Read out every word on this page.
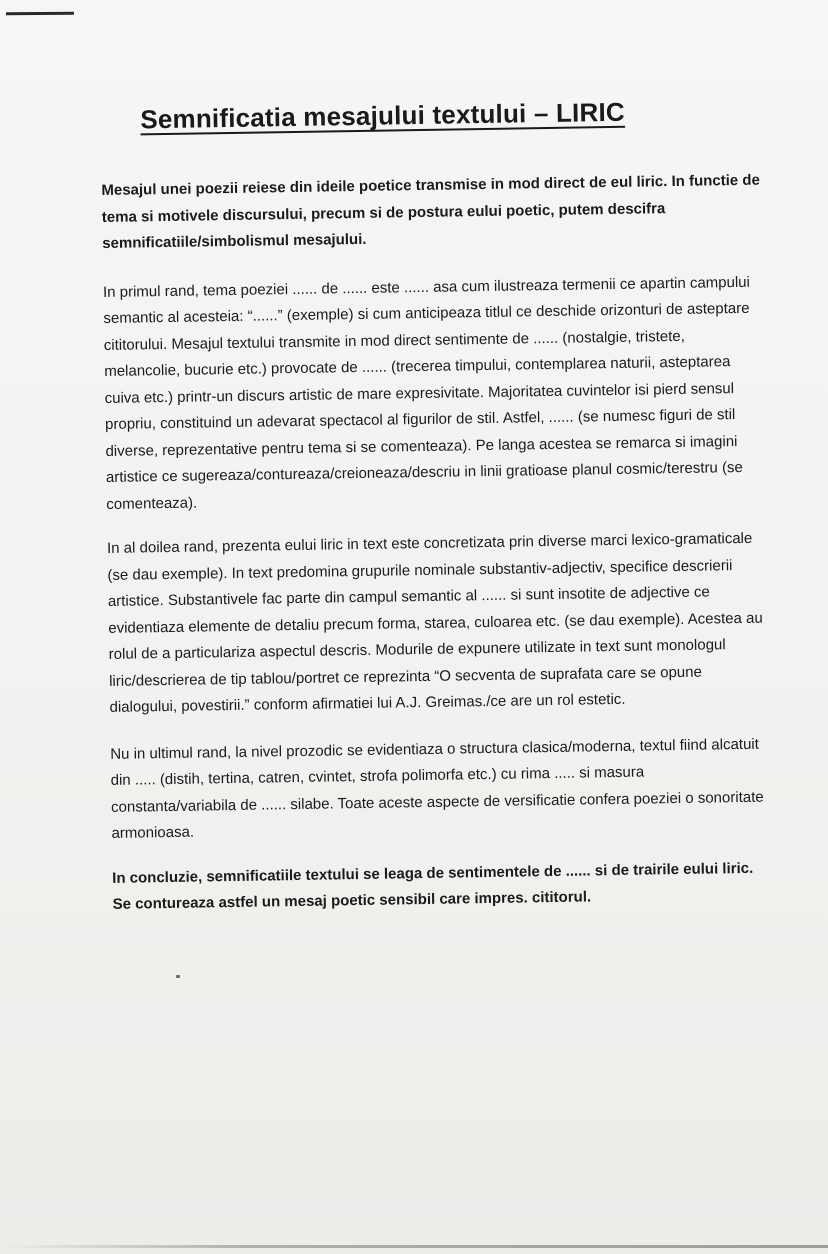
Semnificatia mesajului textului – LIRIC

Mesajul unei poezii reiese din ideile poetice transmise in mod direct de eul liric. In functie de tema si motivele discursului, precum si de postura eului poetic, putem descifra semnificatiile/simbolismul mesajului.

In primul rand, tema poeziei ...... de ...... este ...... asa cum ilustreaza termenii ce apartin campului semantic al acesteia: “......” (exemple) si cum anticipeaza titlul ce deschide orizonturi de asteptare cititorului. Mesajul textului transmite in mod direct sentimente de ...... (nostalgie, tristete, melancolie, bucurie etc.) provocate de ...... (trecerea timpului, contemplarea naturii, asteptarea cuiva etc.) printr-un discurs artistic de mare expresivitate. Majoritatea cuvintelor isi pierd sensul propriu, constituind un adevarat spectacol al figurilor de stil. Astfel, ...... (se numesc figuri de stil diverse, reprezentative pentru tema si se comenteaza). Pe langa acestea se remarca si imagini artistice ce sugereaza/contureaza/creioneaza/descriu in linii gratioase planul cosmic/terestru (se comenteaza).

In al doilea rand, prezenta eului liric in text este concretizata prin diverse marci lexico-gramaticale (se dau exemple). In text predomina grupurile nominale substantiv-adjectiv, specifice descrierii artistice. Substantivele fac parte din campul semantic al ...... si sunt insotite de adjective ce evidentiaza elemente de detaliu precum forma, starea, culoarea etc. (se dau exemple). Acestea au rolul de a particulariza aspectul descris. Modurile de expunere utilizate in text sunt monologul liric/descrierea de tip tablou/portret ce reprezinta “O secventa de suprafata care se opune dialogului, povestirii.” conform afirmatiei lui A.J. Greimas./ce are un rol estetic.

Nu in ultimul rand, la nivel prozodic se evidentiaza o structura clasica/moderna, textul fiind alcatuit din ..... (distih, tertina, catren, cvintet, strofa polimorfa etc.) cu rima ..... si masura constanta/variabila de ...... silabe. Toate aceste aspecte de versificatie confera poeziei o sonoritate armonioasa.

In concluzie, semnificatiile textului se leaga de sentimentele de ...... si de trairile eului liric. Se contureaza astfel un mesaj poetic sensibil care impres. cititorul.
